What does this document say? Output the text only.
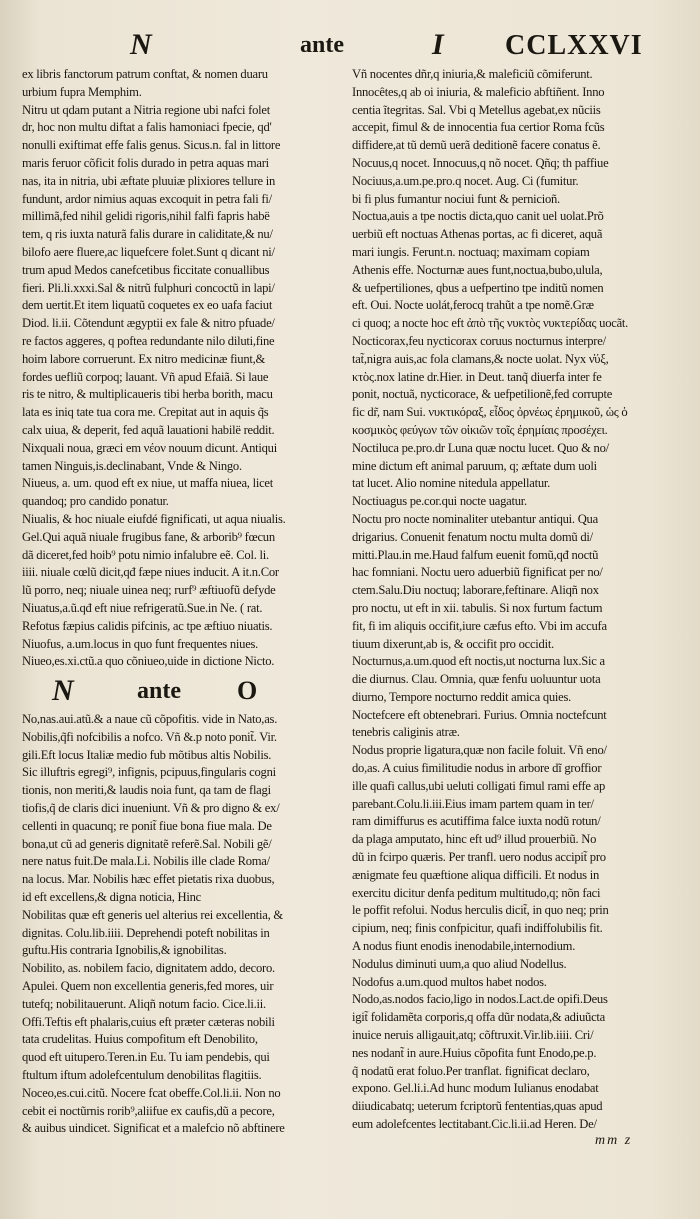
N	ante	I CCLXXVI
ex libris fanctorum patrum conftat, & nomen duaru
urbium fupra Memphim.
Nitru ut qdam putant a Nitria regione ubi nafci folet
dr, hoc non multu diftat a falis hamoniaci fpecie, qd'
nonulli exiftimat effe falis genus. Sicus.n. fal in littore
maris feruor cõficit folis durado in petra aquas mari
nas, ita in nitria, ubi æftate pluuiæ plixiores tellure in
fundunt, ardor nimius aquas excoquit in petra fali fi/
millimã,fed nihil gelidi rigoris,nihil falfi fapris habë
tem, q ris iuxta naturã falis durare in caliditate,& nu/
bilofo aere fluere,ac liquefcere folet.Sunt q dicant ni/
trum apud Medos canefcetibus ficcitate conuallibus
fieri. Pli.li.xxxi.Sal & nitrũ fulphuri concoctũ in lapi/
dem uertit.Et item liquatũ coquetes ex eo uafa faciut
Diod. li.ii. Cõtendunt ægyptii ex fale & nitro pfuade/
re factos aggeres, q poftea redundante nilo diluti,fine
hoim labore corruerunt. Ex nitro medicinæ fiunt,&
fordes uefliũ corpoq; lauant. Vñ apud Efaiã. Si laue
ris te nitro, & multiplicaueris tibi herba borith, macu
lata es iniq tate tua cora me. Crepitat aut in aquis q̃s
calx uiua, & deperit, fed aquã lauationi habilë reddit.
Nixquali noua, græci em νέον nouum dicunt. Antiqui
tamen Ninguis,is.declinabant, Vnde & Ningo.
Niueus, a. um. quod eft ex niue, ut maffa niuea, licet
quandoq; pro candido ponatur.
Niualis, & hoc niuale eiufdé fignificati, ut aqua niualis.
Gel.Qui aquã niuale frugibus fane, & arborib⁹ fœcun
dã diceret,fed hoib⁹ potu nimio infalubre eẽ. Col. li.
iiii. niuale cœlũ dicit,qđ fæpe niues inducit. A it.n.Cor
lũ porro, neq; niuale uinea neq; rurf⁹ æftiuofũ defyde
Niuatus,a.ũ.qđ eft niue refrigeratũ.Sue.in Ne. ( rat.
Refotus fæpius calidis pifcinis, ac tpe æftiuo niuatis.
Niuofus, a.um.locus in quo funt frequentes niues.
Niueo,es.xi.ctũ.a quo cõniueo,uide in dictione Nicto.
N	ante O
No,nas.aui.atũ.& a naue cũ cõpofitis. vide in Nato,as.
Nobilis,q̃fi nofcibilis a nofco. Vñ &.p noto ponit̃. Vir.
gili.Eft locus Italiæ medio fub mõtibus altis Nobilis.
Sic illuftris egregi⁹, infignis, pcipuus,fingularis cogni
tionis, non meriti,& laudis noia funt, qa tam de flagi
tiofis,q̃ de claris dici inueniunt. Vñ & pro digno & ex/
cellenti in quacunq; re ponit̃ fiue bona fiue mala. De
bona,ut cũ ad generis dignitatẽ referẽ.Sal. Nobili gẽ/
nere natus fuit.De mala.Li. Nobilis ille clade Roma/
na locus. Mar. Nobilis hæc effet pietatis rixa duobus,
id eft excellens,& digna noticia, Hinc
Nobilitas quæ eft generis uel alterius rei excellentia, &
dignitas. Colu.lib.iiii. Deprehendi poteft nobilitas in
guftu.His contraria Ignobilis,& ignobilitas.
Nobilito, as. nobilem facio, dignitatem addo, decoro.
Apulei. Quem non excellentia generis,fed mores, uir
tutefq; nobilitauerunt. Aliqñ notum facio. Cice.li.ii.
Offi.Teftis eft phalaris,cuius eft præter cæteras nobili
tata crudelitas. Huius compofitum eft Denobilito,
quod eft uitupero.Teren.in Eu. Tu iam pendebis, qui
ftultum iftum adolefcentulum denobilitas flagitiis.
Noceo,es.cui.citũ. Nocere fcat obeffe.Col.li.ii. Non no
cebit ei noctũrnis rorib⁹,aliifue ex caufis,dũ a pecore,
& auibus uindicet. Significat et a malefcio nõ abftinere
Vñ nocentes dñr,q iniuria,& maleficiũ cõmiferunt.
Innocêtes,q ab oi iniuria, & maleficio abftiñent. Inno
centia ĩtegritas. Sal. Vbi q Metellus agebat,ex nũciis
accepit, fimul & de innocentia fua certior Roma fcũs
diffidere,at tũ demũ uerã deditionẽ facere conatus ẽ.
Nocuus,q nocet. Innocuus,q nõ nocet. Qñq; th paffiue
Nociuus,a.um.pe.pro.q nocet. Aug. Ci (fumitur.
bi fi plus fumantur nociui funt & pernicioñ.
Noctua,auis a tpe noctis dicta,quo canit uel uolat.Prõ
uerbiũ eft noctuas Athenas portas, ac fi diceret, aquã
mari iungis. Ferunt.n. noctuaq; maximam copiam
Athenis effe. Nocturnæ aues funt,noctua,bubo,ulula,
& uefpertiliones, qbus a uefpertino tpe inditũ nomen
eft. Oui. Nocte uolát,ferocq trahũt a tpe nomẽ.Græ
ci quoq; a nocte hoc eft ἀπὸ τῆς νυκτὸς νυκτερίδας uocãt.
Nocticorax,feu nycticorax coruus nocturnus interpre/
tat̃,nigra auis,ac fola clamans,& nocte uolat. Nyx ν̓ύξ,
κτὸς.nox latine dr.Hier. in Deut. tanq̃ diuerfa inter fe
ponit, noctuã, nycticorace, & uefpetilionẽ,fed corrupte
fic dr̃, nam Sui. νυκτικόραξ, εἶδος ὀρνέως ἐρημικοῦ, ὡς ὁ
κοσμικὸς φεύγων τῶν οἰκιῶν τοῖς ἐρημίαις προσέχει.
Noctiluca pe.pro.dr Luna quæ noctu lucet. Quo & no/
mine dictum eft animal paruum, q; æftate dum uoli
tat lucet. Alio nomine nitedula appellatur.
Noctiuagus pe.cor.qui nocte uagatur.
Noctu pro nocte nominaliter utebantur antiqui. Qua
drigarius. Conuenit fenatum noctu multa domũ di/
mitti.Plau.in me.Haud falfum euenit fomũ,qđ noctũ
hac fomniani. Noctu uero aduerbiũ fignificat per no/
ctem.Salu.Diu noctuq; laborare,feftinare. Aliqñ nox
pro noctu, ut eft in xii. tabulis. Si nox furtum factum
fit, fi im aliquis occifit,iure cæfus efto. Vbi im accufa
tiuum dixerunt,ab is, & occifit pro occidit.
Nocturnus,a.um.quod eft noctis,ut nocturna lux.Sic a
die diurnus. Clau. Omnia, quæ fenfu uoluuntur uota
diurno, Tempore nocturno reddit amica quies.
Noctefcere eft obtenebrari. Furius. Omnia noctefcunt
tenebris caliginis atræ.
Nodus proprie ligatura,quæ non facile foluit. Vñ eno/
do,as. A cuius fimilitudie nodus in arbore dĩ groffior
ille quafi callus,ubi ueluti colligati fimul rami effe ap
parebant.Colu.li.iii.Eius imam partem quam in ter/
ram dimiffurus es acutiffima falce iuxta nodũ rotun/
da plaga amputato, hinc eft ud⁹ illud prouerbiũ. No
dũ in fcirpo quæris. Per tranfl. uero nodus accipit̃ pro
ænigmate feu quæftione aliqua difficili. Et nodus in
exercitu dicitur denfa peditum multitudo,q; nõn faci
le poffit refolui. Nodus herculis dicit̃, in quo neq; prin
cipium, neq; finis confpicitur, quafi indiffolubilis fit.
A nodus fiunt enodis inenodabile,internodium.
Nodulus diminuti uum,a quo aliud Nodellus.
Nodofus a.um.quod multos habet nodos.
Nodo,as.nodos facio,ligo in nodos.Lact.de opifi.Deus
igit̃ folidamẽta corporis,q offa dũr nodata,& adiuũcta
inuice neruis alligauit,atq; cõftruxit.Vir.lib.iiii. Cri/
nes nodant̃ in aure.Huius cõpofita funt Enodo,pe.p.
q̃ nodatũ erat foluo.Per tranflat. fignificat declaro,
expono. Gel.li.i.Ad hunc modum Iulianus enodabat
diiudicabatq; ueterum fcriptorũ fententias,quas apud
eum adolefcentes lectitabant.Cic.li.ii.ad Heren. De/
mm z
